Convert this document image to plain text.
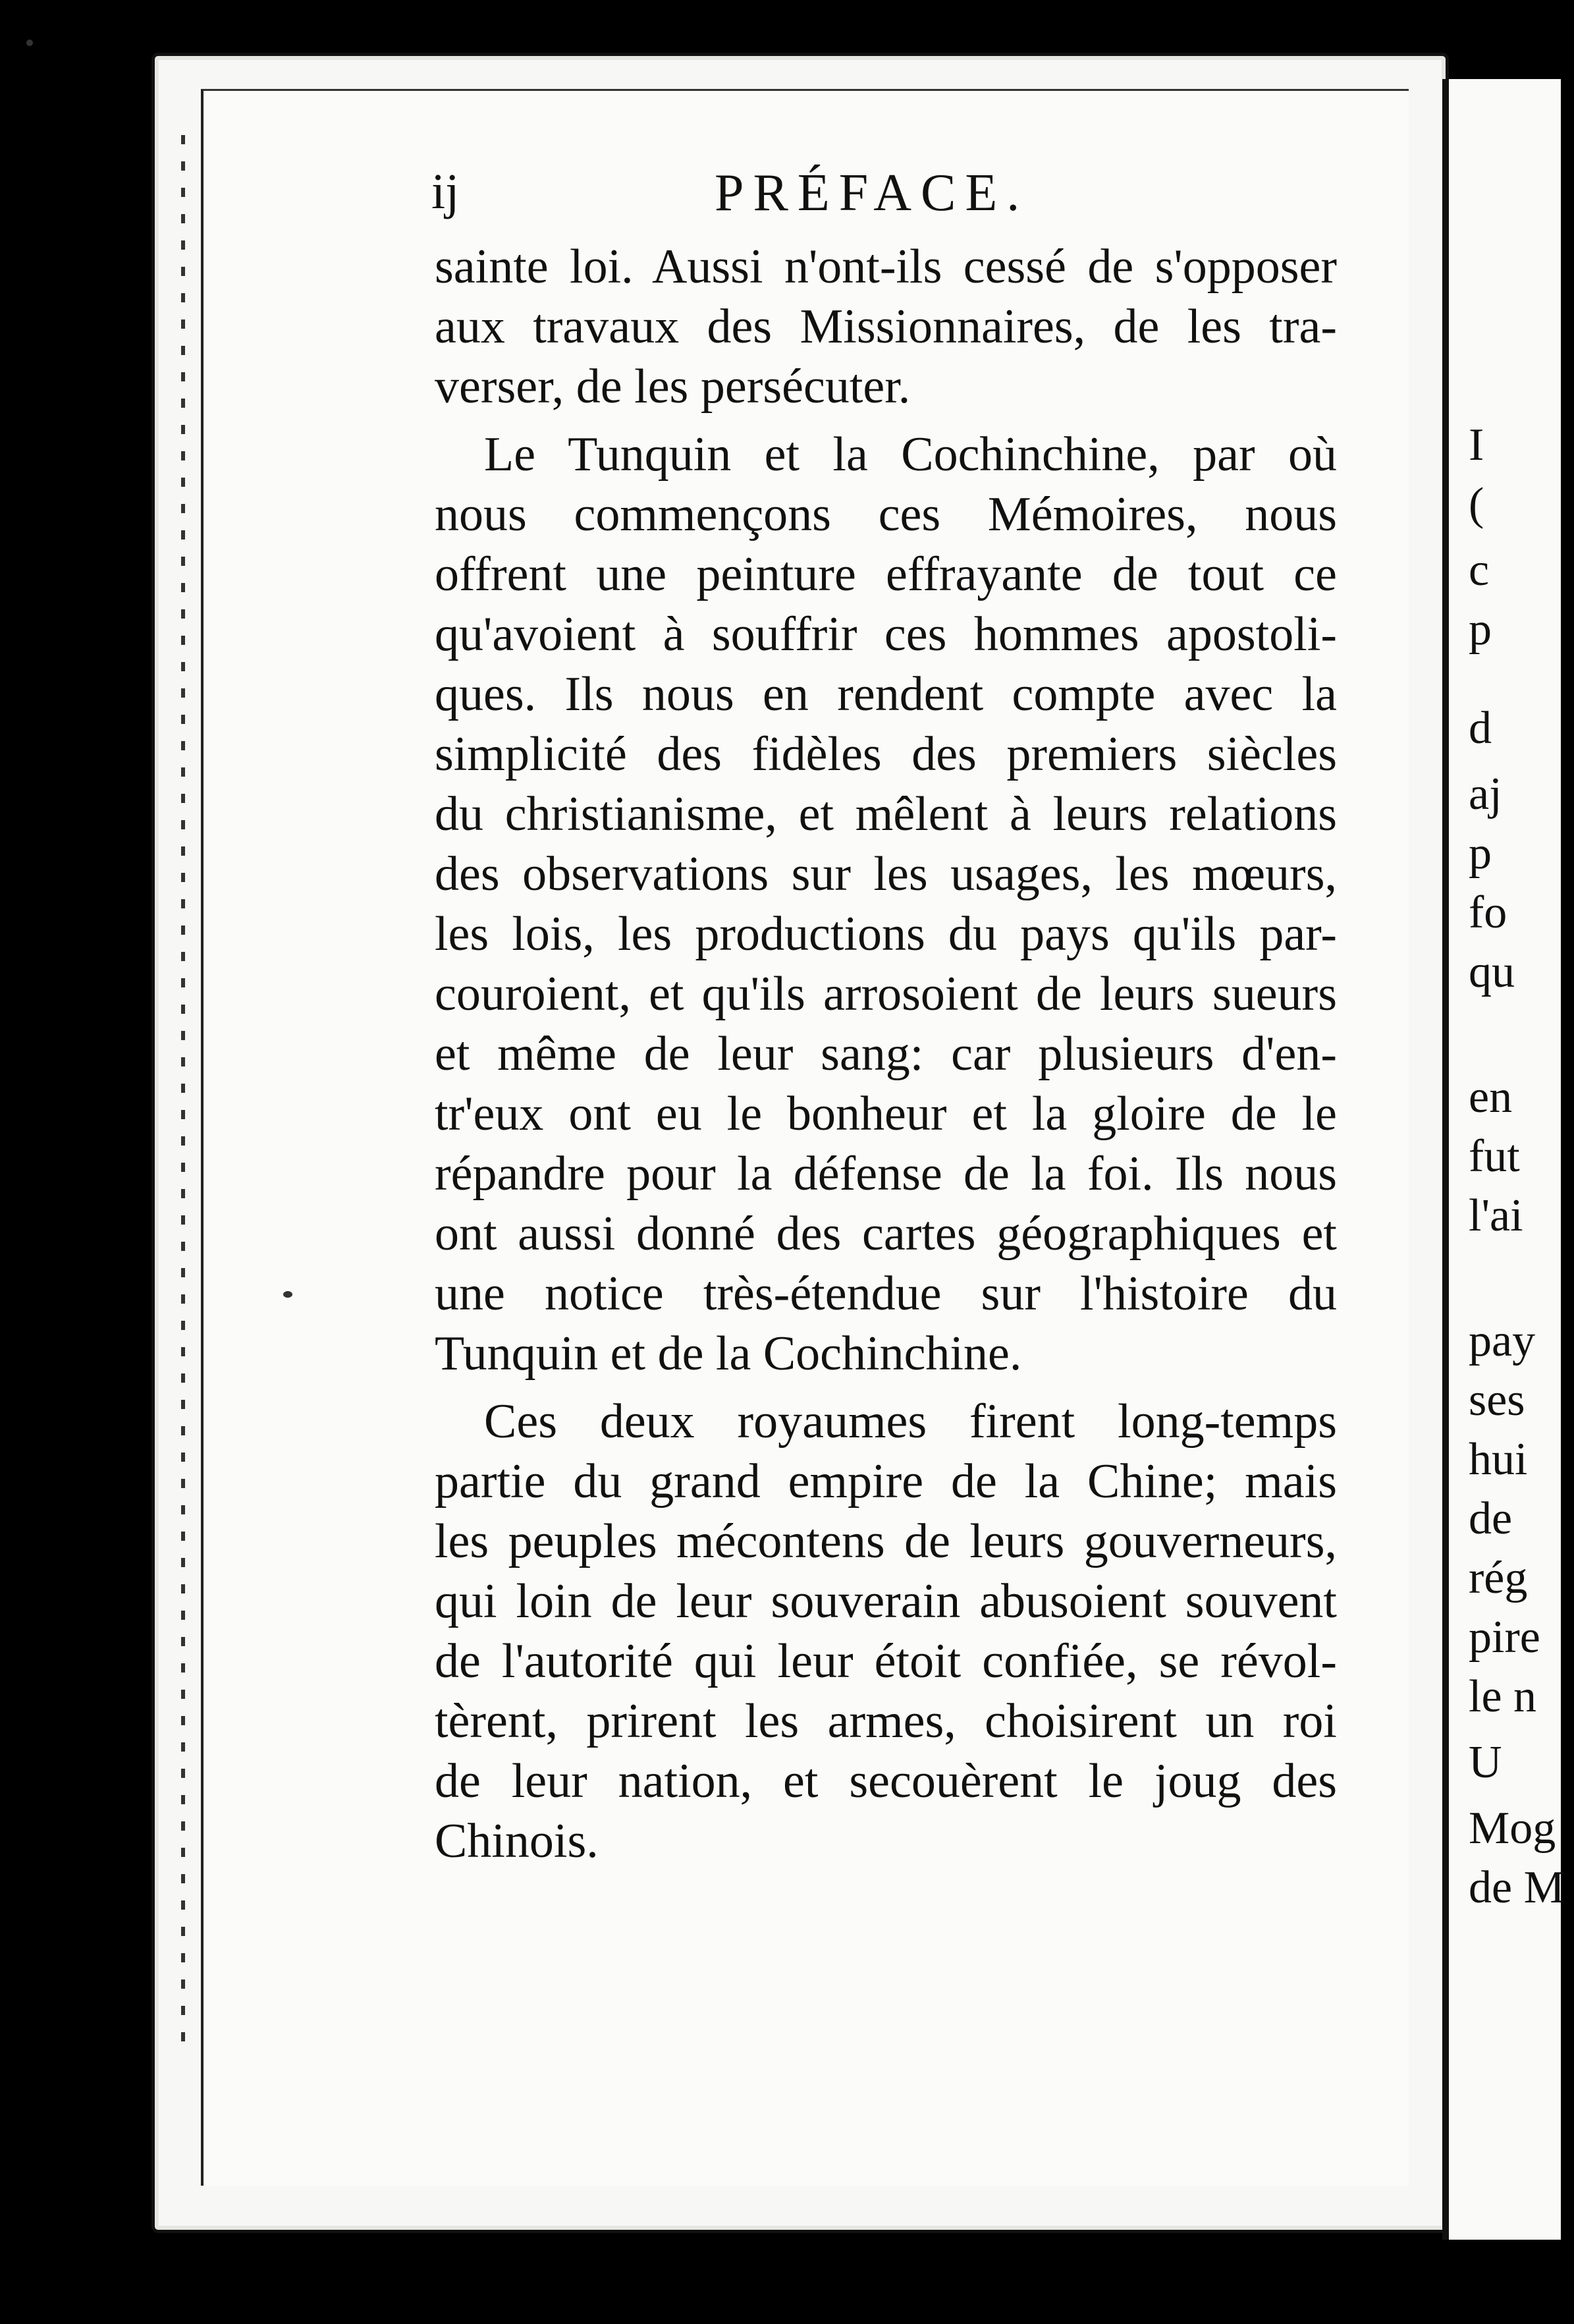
I
(
c
p
d
aj
p
fo
qu
en
fut
l'ai
pay
ses
hui
de
rég
pire
le n
U
Mog
de M
ij	PRÉFACE.
sainte loi. Aussi n'ont-ils cessé de s'opposer
aux travaux des Missionnaires, de les tra-
verser, de les persécuter.
Le Tunquin et la Cochinchine, par où
nous commençons ces Mémoires, nous
offrent une peinture effrayante de tout ce
qu'avoient à souffrir ces hommes apostoli-
ques. Ils nous en rendent compte avec la
simplicité des fidèles des premiers siècles
du christianisme, et mêlent à leurs relations
des observations sur les usages, les mœurs,
les lois, les productions du pays qu'ils par-
couroient, et qu'ils arrosoient de leurs sueurs
et même de leur sang: car plusieurs d'en-
tr'eux ont eu le bonheur et la gloire de le
répandre pour la défense de la foi. Ils nous
ont aussi donné des cartes géographiques et
une notice très-étendue sur l'histoire du
Tunquin et de la Cochinchine.
Ces deux royaumes firent long-temps
partie du grand empire de la Chine; mais
les peuples mécontens de leurs gouverneurs,
qui loin de leur souverain abusoient souvent
de l'autorité qui leur étoit confiée, se révol-
tèrent, prirent les armes, choisirent un roi
de leur nation, et secouèrent le joug des
Chinois.
